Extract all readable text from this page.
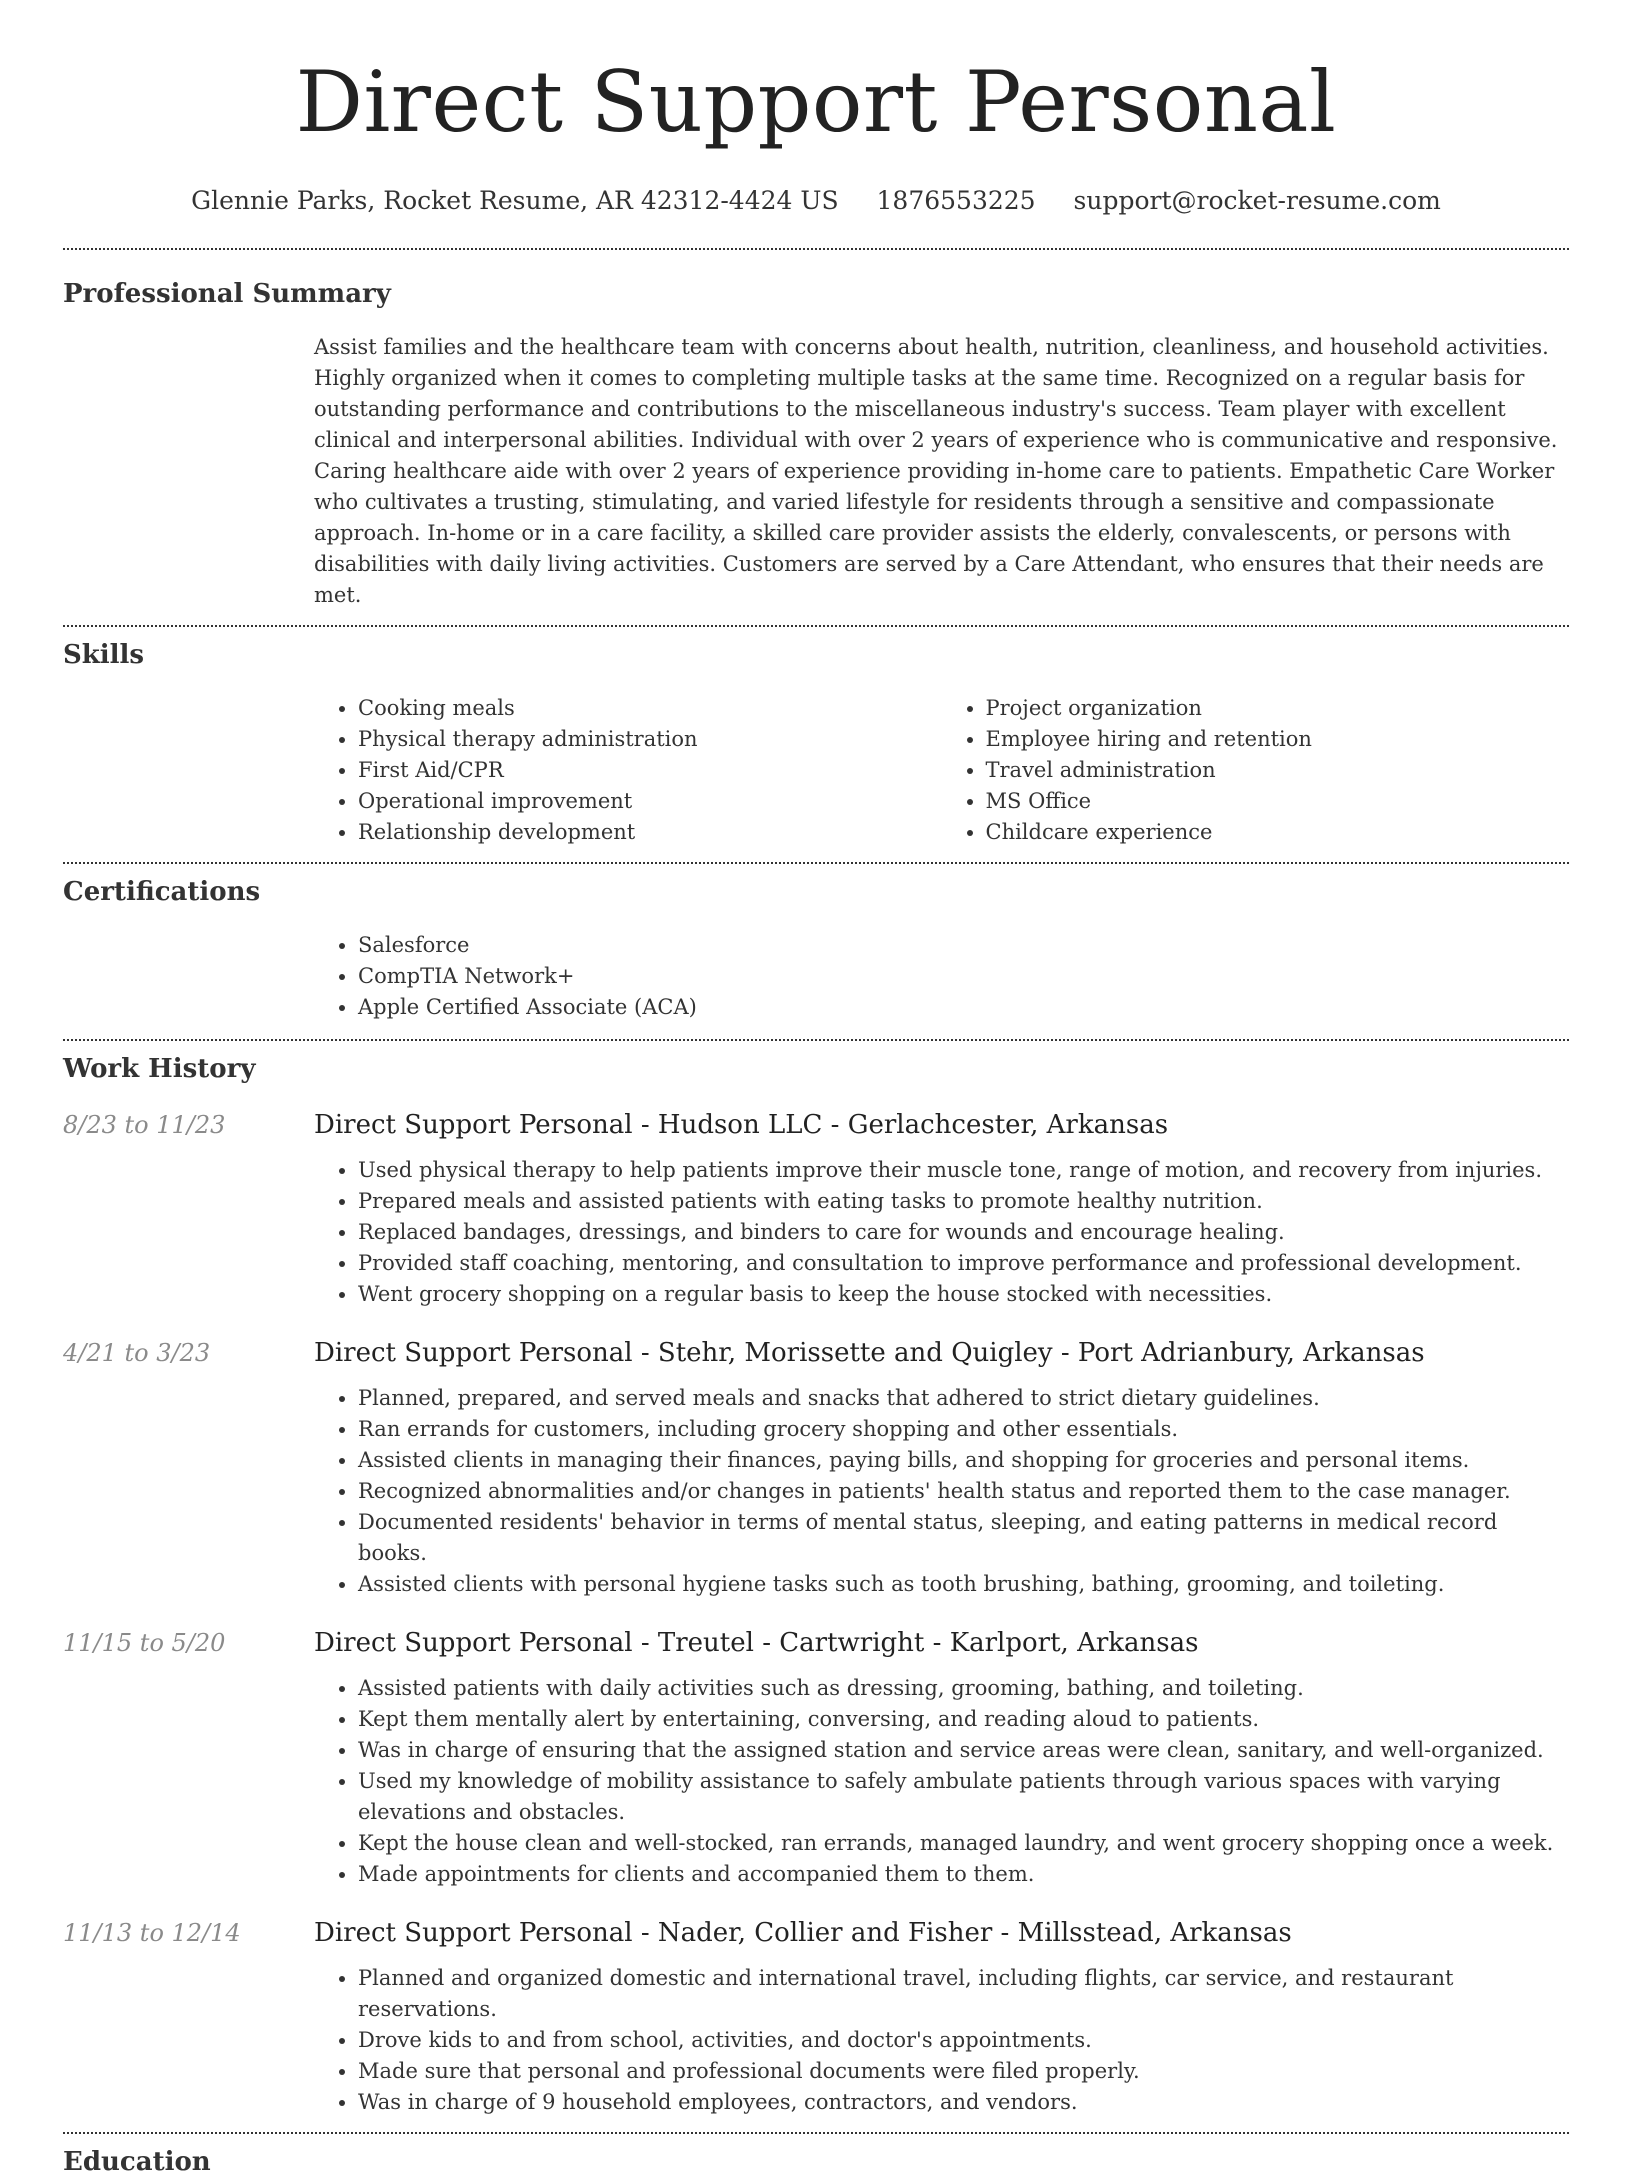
Direct Support Personal
Glennie Parks, Rocket Resume, AR 42312-4424 US 1876553225 support@rocket-resume.com
Professional Summary

Assist families and the healthcare team with concerns about health, nutrition, cleanliness, and household activities. Highly organized when it comes to completing multiple tasks at the same time. Recognized on a regular basis for outstanding performance and contributions to the miscellaneous industry's success. Team player with excellent clinical and interpersonal abilities. Individual with over 2 years of experience who is communicative and responsive. Caring healthcare aide with over 2 years of experience providing in-home care to patients. Empathetic Care Worker who cultivates a trusting, stimulating, and varied lifestyle for residents through a sensitive and compassionate approach. In-home or in a care facility, a skilled care provider assists the elderly, convalescents, or persons with disabilities with daily living activities. Customers are served by a Care Attendant, who ensures that their needs are met.

Skills
• Cooking meals
• Physical therapy administration
• First Aid/CPR
• Operational improvement
• Relationship development
• Project organization
• Employee hiring and retention
• Travel administration
• MS Office
• Childcare experience
Certifications
• Salesforce
• CompTIA Network+
• Apple Certified Associate (ACA)
Work History
8/23 to 11/23	Direct Support Personal - Hudson LLC - Gerlachcester, Arkansas
• Used physical therapy to help patients improve their muscle tone, range of motion, and recovery from injuries.
• Prepared meals and assisted patients with eating tasks to promote healthy nutrition.
• Replaced bandages, dressings, and binders to care for wounds and encourage healing.
• Provided staff coaching, mentoring, and consultation to improve performance and professional development.
• Went grocery shopping on a regular basis to keep the house stocked with necessities.
4/21 to 3/23	Direct Support Personal - Stehr, Morissette and Quigley - Port Adrianbury, Arkansas
• Planned, prepared, and served meals and snacks that adhered to strict dietary guidelines.
• Ran errands for customers, including grocery shopping and other essentials.
• Assisted clients in managing their finances, paying bills, and shopping for groceries and personal items.
• Recognized abnormalities and/or changes in patients' health status and reported them to the case manager.
• Documented residents' behavior in terms of mental status, sleeping, and eating patterns in medical record books.
• Assisted clients with personal hygiene tasks such as tooth brushing, bathing, grooming, and toileting.
11/15 to 5/20	Direct Support Personal - Treutel - Cartwright - Karlport, Arkansas
• Assisted patients with daily activities such as dressing, grooming, bathing, and toileting.
• Kept them mentally alert by entertaining, conversing, and reading aloud to patients.
• Was in charge of ensuring that the assigned station and service areas were clean, sanitary, and well-organized.
• Used my knowledge of mobility assistance to safely ambulate patients through various spaces with varying elevations and obstacles.
• Kept the house clean and well-stocked, ran errands, managed laundry, and went grocery shopping once a week.
• Made appointments for clients and accompanied them to them.
11/13 to 12/14	Direct Support Personal - Nader, Collier and Fisher - Millsstead, Arkansas
• Planned and organized domestic and international travel, including flights, car service, and restaurant reservations.
• Drove kids to and from school, activities, and doctor's appointments.
• Made sure that personal and professional documents were filed properly.
• Was in charge of 9 household employees, contractors, and vendors.
Education
